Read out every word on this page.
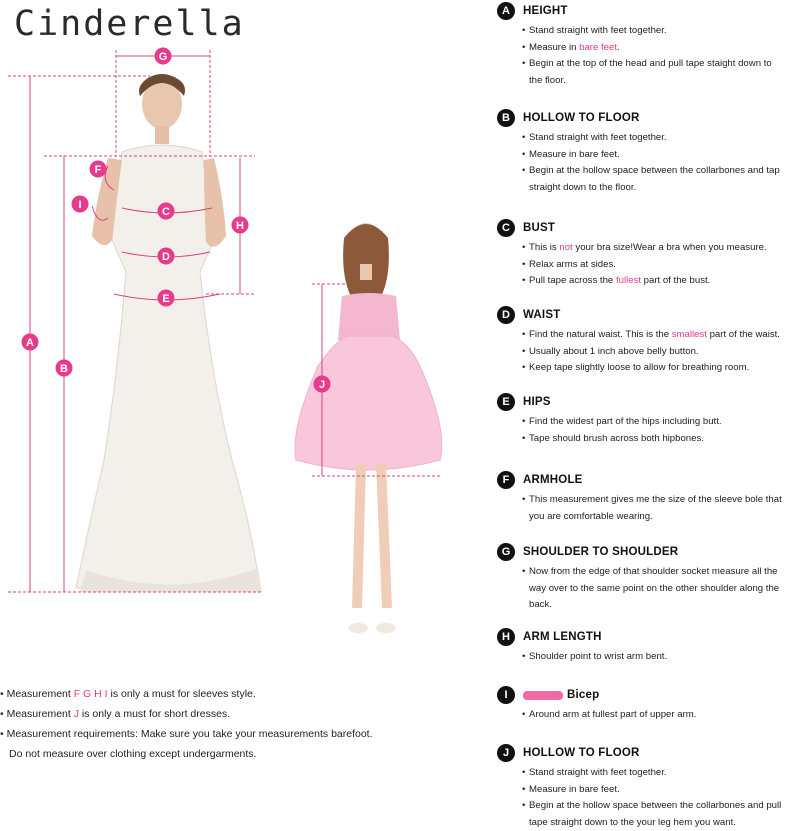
Cinderella
A
B
C
D
E
F
G
H
I
J
• Measurement F G H I is only a must for sleeves style.
• Measurement J is only a must for short dresses.
• Measurement requirements: Make sure you take your measurements barefoot.
Do not measure over clothing except undergarments.
A	HEIGHT
• Stand straight with feet together.
• Measure in bare feet.
• Begin at the top of the head and pull tape staight down to
the floor.
B	HOLLOW TO FLOOR
• Stand straight with feet together.
• Measure in bare feet.
• Begin at the hollow space between the collarbones and tap
straight down to the floor.
C	BUST
• This is not your bra size!Wear a bra when you measure.
• Relax arms at sides.
• Pull tape across the fullest part of the bust.
D	WAIST
• Find the natural waist. This is the smallest part of the waist.
• Usually about 1 inch above belly button.
• Keep tape slightly loose to allow for breathing room.
E	HIPS
• Find the widest part of the hips including butt.
• Tape should brush across both hipbones.
F	ARMHOLE
• This measurement gives me the size of the sleeve bole that
you are comfortable wearing.
G	SHOULDER TO SHOULDER
• Now from the edge of that shoulder socket measure all the
way over to the same point on the other shoulder along the
back.
H	ARM LENGTH
• Shoulder point to wrist arm bent.
I	Bicep
• Around arm at fullest part of upper arm.
J	HOLLOW TO FLOOR
• Stand straight with feet together.
• Measure in bare feet.
• Begin at the hollow space between the collarbones and pull
tape straight down to the your leg hem you want.
